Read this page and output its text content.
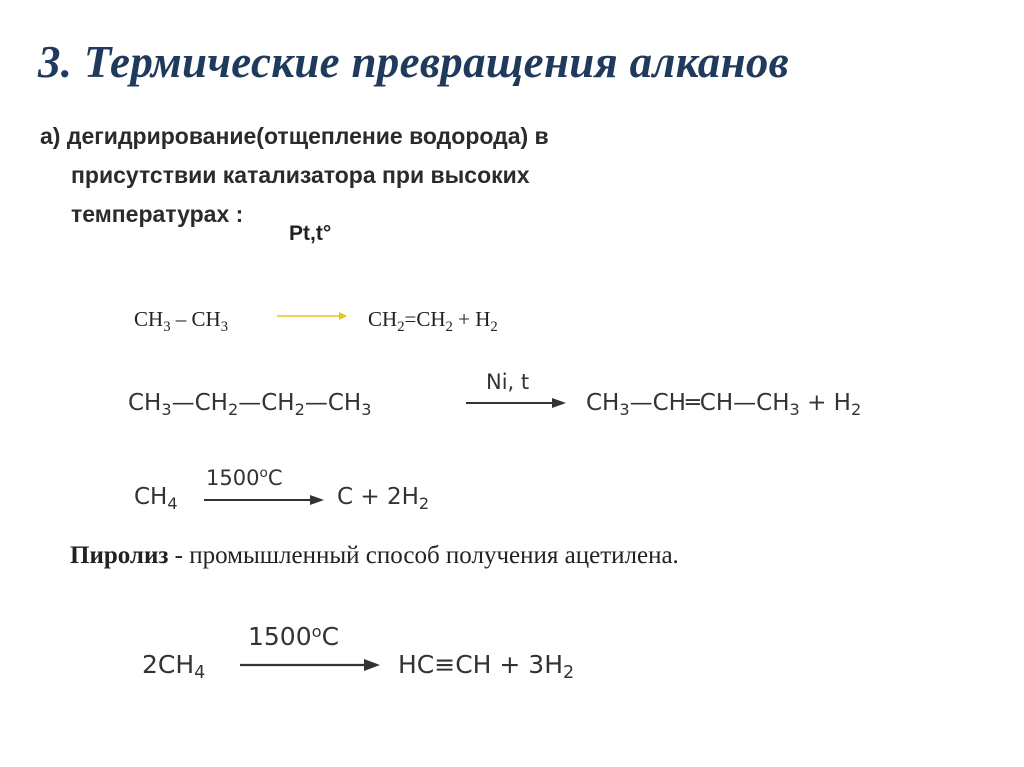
3. Термические превращения алканов
а) дегидрирование(отщепление водорода) в
присутствии катализатора при высоких
температурах :
Pt,t°
$CH_3 - CH_3$	$CH_2=CH_2 + H_2$
$CH_3—CH_2—CH_2—CH_3$
Ni, t
$CH_3—CH═CH—CH_3 + H_2$
$CH_4$
1500$^o$C
$C + 2H_2$
Пиролиз - промышленный способ получения ацетилена.
$2CH_4$
1500$^o$C
$HC\equiv CH + 3H_2$
